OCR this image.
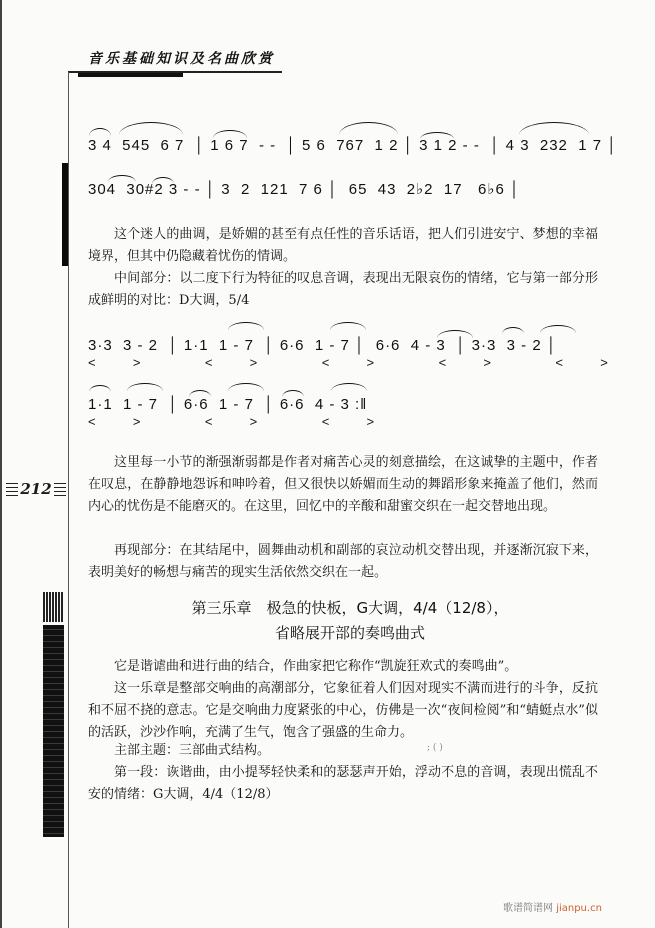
音乐基础知识及名曲欣赏
212
3 4  545  6 7  │ 1 6 7  - -  │ 5 6  767  1 2 │ 3 1 2 - -  │ 4 3  232  1 7 │
304  30#2 3 - - │ 3  2  121  7 6 │  65  43  2♭2  17   6♭6 │
这个迷人的曲调，是娇媚的甚至有点任性的音乐话语，把人们引进安宁、梦想的幸福境界，但其中仍隐藏着忧伤的情调。
中间部分：以二度下行为特征的叹息音调，表现出无限哀伤的情绪，它与第一部分形成鲜明的对比：D大调，5/4
3·3  3 - 2  │ 1·1  1 - 7  │ 6·6  1 - 7 │  6·6  4 - 3  │ 3·3  3 - 2 │
<  >    <  >    <  >    <  >    <  >
1·1  1 - 7  │ 6·6  1 - 7  │ 6·6  4 - 3 :‖
<  >    <  >    <  >
这里每一小节的渐强渐弱都是作者对痛苦心灵的刻意描绘，在这诚挚的主题中，作者在叹息，在静静地怨诉和呻吟着，但又很快以娇媚而生动的舞蹈形象来掩盖了他们，然而内心的忧伤是不能磨灭的。在这里，回忆中的辛酸和甜蜜交织在一起交替地出现。
再现部分：在其结尾中，圆舞曲动机和副部的哀泣动机交替出现，并逐渐沉寂下来，表明美好的畅想与痛苦的现实生活依然交织在一起。
第三乐章　极急的快板，G大调，4/4（12/8），
省略展开部的奏鸣曲式
它是谐谑曲和进行曲的结合，作曲家把它称作“凯旋狂欢式的奏鸣曲”。
这一乐章是整部交响曲的高潮部分，它象征着人们因对现实不满而进行的斗争，反抗和不屈不挠的意志。它是交响曲力度紧张的中心，仿佛是一次“夜间检阅”和“蜻蜓点水”似的活跃，沙沙作响，充满了生气，饱含了强盛的生命力。
主部主题：三部曲式结构。	; ( )
第一段：诙谐曲，由小提琴轻快柔和的瑟瑟声开始，浮动不息的音调，表现出慌乱不安的情绪：G大调，4/4（12/8）
歌谱简谱网 jianpu.cn
